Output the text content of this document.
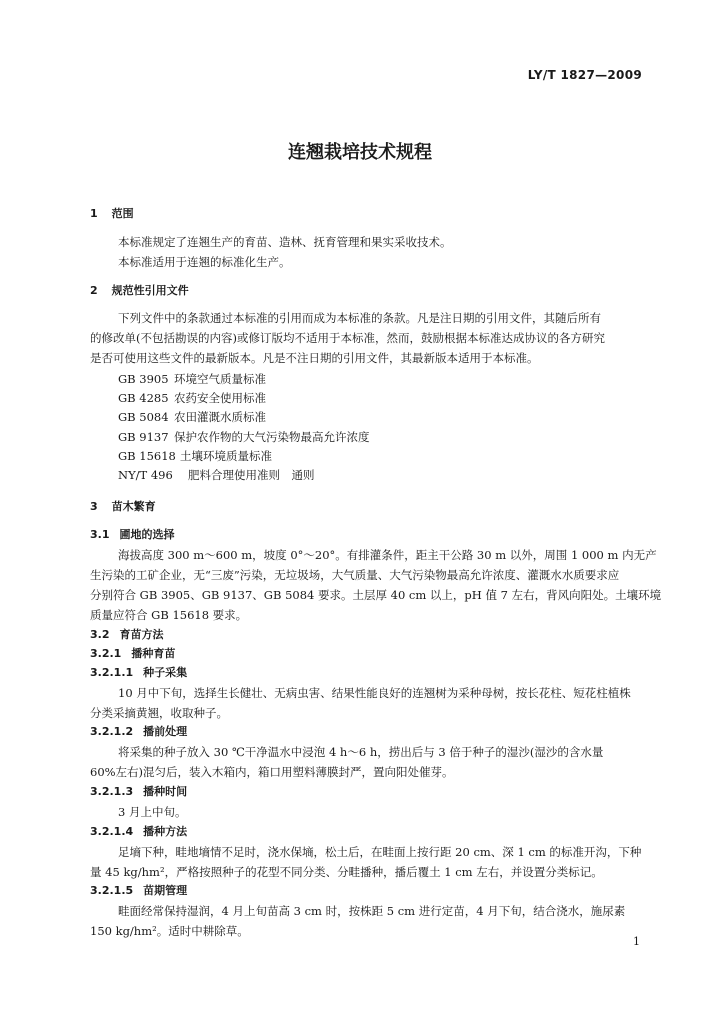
LY/T 1827—2009
连翘栽培技术规程
1 范围
本标准规定了连翘生产的育苗、造林、抚育管理和果实采收技术。
本标准适用于连翘的标准化生产。
2 规范性引用文件
下列文件中的条款通过本标准的引用而成为本标准的条款。凡是注日期的引用文件，其随后所有
的修改单(不包括勘误的内容)或修订版均不适用于本标准，然而，鼓励根据本标准达成协议的各方研究
是否可使用这些文件的最新版本。凡是不注日期的引用文件，其最新版本适用于本标准。
GB 3905 环境空气质量标准
GB 4285 农药安全使用标准
GB 5084 农田灌溉水质标准
GB 9137 保护农作物的大气污染物最高允许浓度
GB 15618 土壤环境质量标准
NY/T 496 肥料合理使用准则　通则
3 苗木繁育
3.1 圃地的选择
海拔高度 300 m～600 m，坡度 0°～20°。有排灌条件，距主干公路 30 m 以外，周围 1 000 m 内无产
生污染的工矿企业，无“三废”污染，无垃圾场，大气质量、大气污染物最高允许浓度、灌溉水水质要求应
分别符合 GB 3905、GB 9137、GB 5084 要求。土层厚 40 cm 以上，pH 值 7 左右，背风向阳处。土壤环境
质量应符合 GB 15618 要求。
3.2 育苗方法
3.2.1 播种育苗
3.2.1.1 种子采集
10 月中下旬，选择生长健壮、无病虫害、结果性能良好的连翘树为采种母树，按长花柱、短花柱植株
分类采摘黄翘，收取种子。
3.2.1.2 播前处理
将采集的种子放入 30 ℃干净温水中浸泡 4 h～6 h，捞出后与 3 倍于种子的湿沙(湿沙的含水量
60%左右)混匀后，装入木箱内，箱口用塑料薄膜封严，置向阳处催芽。
3.2.1.3 播种时间
3 月上中旬。
3.2.1.4 播种方法
足墒下种，畦地墒情不足时，浇水保墒，松土后，在畦面上按行距 20 cm、深 1 cm 的标准开沟，下种
量 45 kg/hm²，严格按照种子的花型不同分类、分畦播种，播后覆土 1 cm 左右，并设置分类标记。
3.2.1.5 苗期管理
畦面经常保持湿润，4 月上旬苗高 3 cm 时，按株距 5 cm 进行定苗，4 月下旬，结合浇水，施尿素
150 kg/hm²。适时中耕除草。
1
